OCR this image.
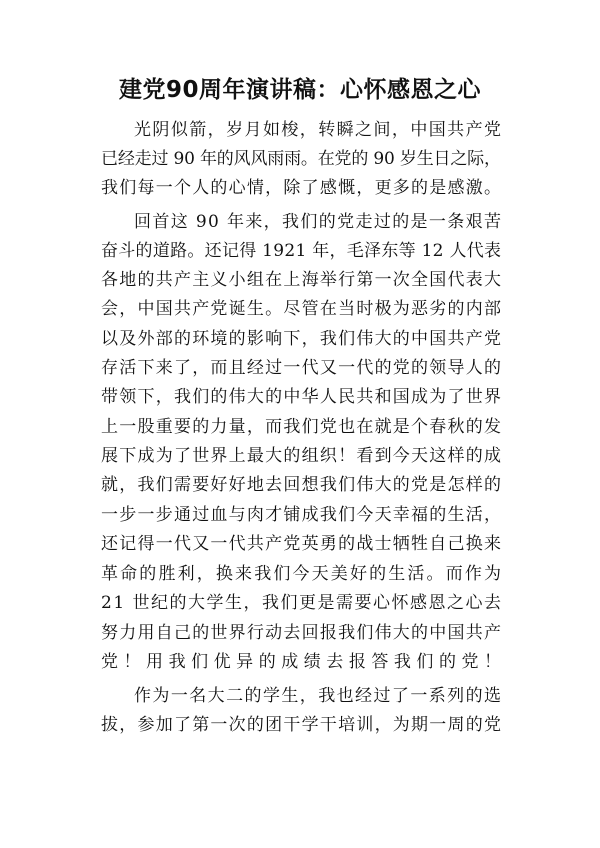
建党90周年演讲稿：心怀感恩之心
光阴似箭，岁月如梭，转瞬之间，中国共产党
已经走过 90 年的风风雨雨。在党的 90 岁生日之际，
我们每一个人的心情，除了感慨，更多的是感激。
回首这 90 年来，我们的党走过的是一条艰苦
奋斗的道路。还记得 1921 年，毛泽东等 12 人代表
各地的共产主义小组在上海举行第一次全国代表大
会，中国共产党诞生。尽管在当时极为恶劣的内部
以及外部的环境的影响下，我们伟大的中国共产党
存活下来了，而且经过一代又一代的党的领导人的
带领下，我们的伟大的中华人民共和国成为了世界
上一股重要的力量，而我们党也在就是个春秋的发
展下成为了世界上最大的组织！看到今天这样的成
就，我们需要好好地去回想我们伟大的党是怎样的
一步一步通过血与肉才铺成我们今天幸福的生活，
还记得一代又一代共产党英勇的战士牺牲自己换来
革命的胜利，换来我们今天美好的生活。而作为
21 世纪的大学生，我们更是需要心怀感恩之心去
努力用自己的世界行动去回报我们伟大的中国共产
党！用我们优异的成绩去报答我们的党！
作为一名大二的学生，我也经过了一系列的选
拔，参加了第一次的团干学干培训，为期一周的党
